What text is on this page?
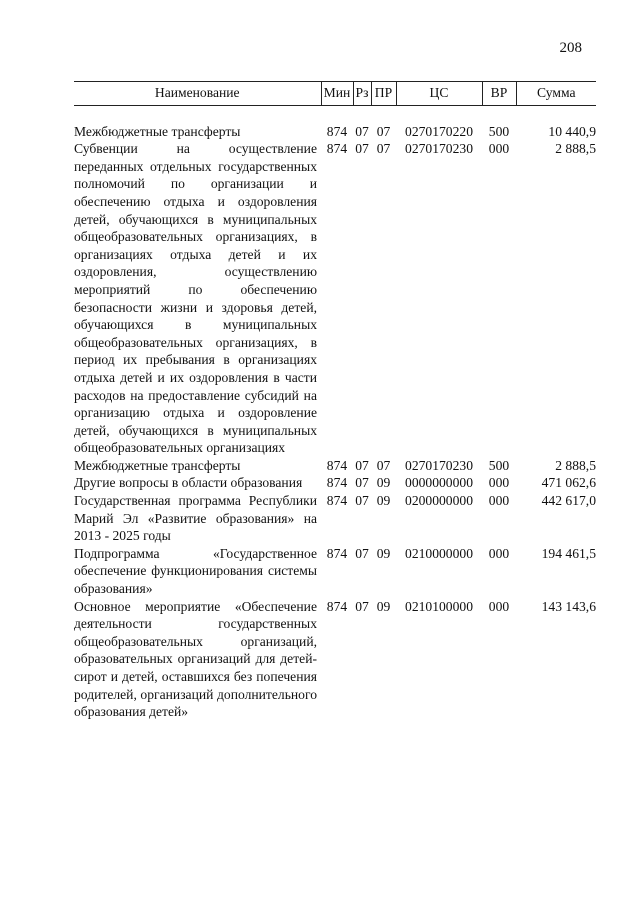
208
Наименование	Мин	Рз	ПР	ЦС	ВР	Сумма

Межбюджетные трансферты	874	07	07	0270170220	500	10 440,9
Субвенции на осуществление переданных отдельных государственных полномочий по организации и обеспечению отдыха и оздоровления детей, обучающихся в муниципальных общеобразовательных организациях, в организациях отдыха детей и их оздоровления, осуществлению мероприятий по обеспечению безопасности жизни и здоровья детей, обучающихся в муниципальных общеобразовательных организациях, в период их пребывания в организациях отдыха детей и их оздоровления в части расходов на предоставление субсидий на организацию отдыха и оздоровление детей, обучающихся в муниципальных общеобразовательных организациях	874	07	07	0270170230	000	2 888,5
Межбюджетные трансферты	874	07	07	0270170230	500	2 888,5
Другие вопросы в области образования	874	07	09	0000000000	000	471 062,6
Государственная программа Республики Марий Эл «Развитие образования» на 2013 - 2025 годы	874	07	09	0200000000	000	442 617,0
Подпрограмма «Государственное обеспечение функционирования системы образования»	874	07	09	0210000000	000	194 461,5
Основное мероприятие «Обеспечение деятельности государственных общеобразовательных организаций, образовательных организаций для детей-сирот и детей, оставшихся без попечения родителей, организаций дополнительного образования детей»	874	07	09	0210100000	000	143 143,6
